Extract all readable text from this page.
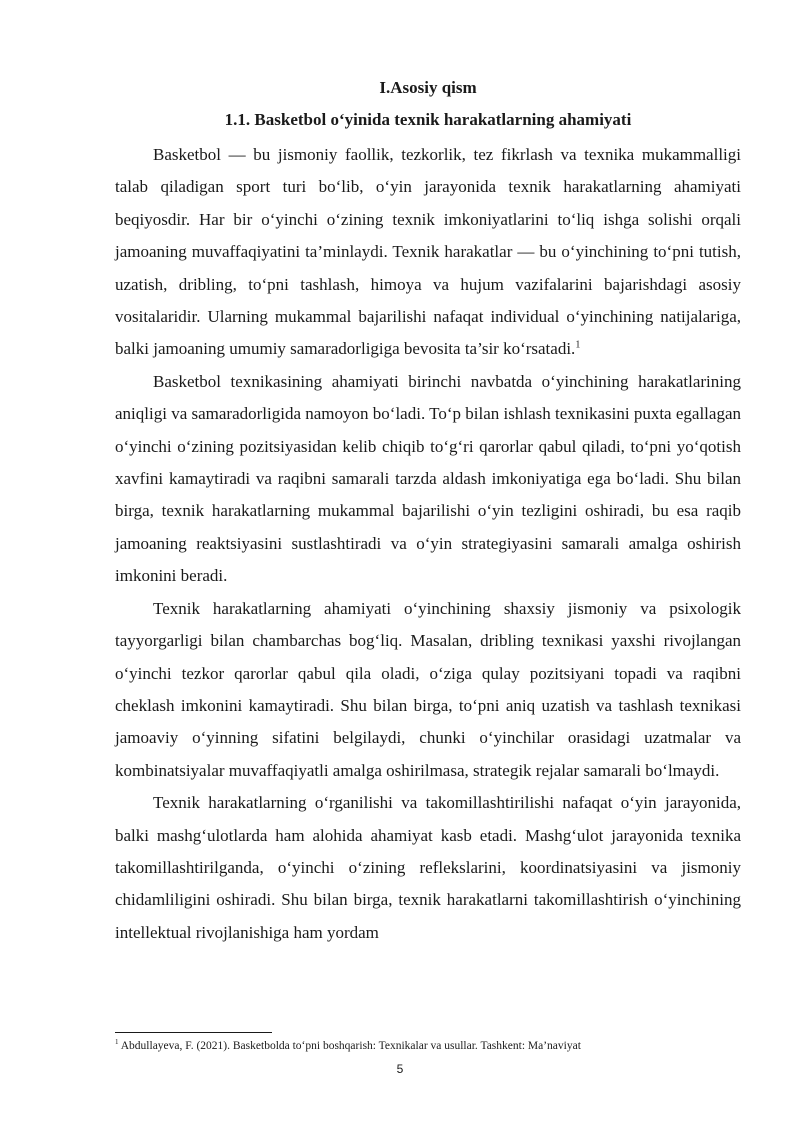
I.Asosiy qism
1.1. Basketbol o‘yinida texnik harakatlarning ahamiyati

Basketbol — bu jismoniy faollik, tezkorlik, tez fikrlash va texnika mukammalligi talab qiladigan sport turi bo‘lib, o‘yin jarayonida texnik harakatlarning ahamiyati beqiyosdir. Har bir o‘yinchi o‘zining texnik imkoniyatlarini to‘liq ishga solishi orqali jamoaning muvaffaqiyatini ta’minlaydi. Texnik harakatlar — bu o‘yinchining to‘pni tutish, uzatish, dribling, to‘pni tashlash, himoya va hujum vazifalarini bajarishdagi asosiy vositalaridir. Ularning mukammal bajarilishi nafaqat individual o‘yinchining natijalariga, balki jamoaning umumiy samaradorligiga bevosita ta’sir ko‘rsatadi.$^1$

Basketbol texnikasining ahamiyati birinchi navbatda o‘yinchining harakatlarining aniqligi va samaradorligida namoyon bo‘ladi. To‘p bilan ishlash texnikasini puxta egallagan o‘yinchi o‘zining pozitsiyasidan kelib chiqib to‘g‘ri qarorlar qabul qiladi, to‘pni yo‘qotish xavfini kamaytiradi va raqibni samarali tarzda aldash imkoniyatiga ega bo‘ladi. Shu bilan birga, texnik harakatlarning mukammal bajarilishi o‘yin tezligini oshiradi, bu esa raqib jamoaning reaktsiyasini sustlashtiradi va o‘yin strategiyasini samarali amalga oshirish imkonini beradi.

Texnik harakatlarning ahamiyati o‘yinchining shaxsiy jismoniy va psixologik tayyorgarligi bilan chambarchas bog‘liq. Masalan, dribling texnikasi yaxshi rivojlangan o‘yinchi tezkor qarorlar qabul qila oladi, o‘ziga qulay pozitsiyani topadi va raqibni cheklash imkonini kamaytiradi. Shu bilan birga, to‘pni aniq uzatish va tashlash texnikasi jamoaviy o‘yinning sifatini belgilaydi, chunki o‘yinchilar orasidagi uzatmalar va kombinatsiyalar muvaffaqiyatli amalga oshirilmasa, strategik rejalar samarali bo‘lmaydi.

Texnik harakatlarning o‘rganilishi va takomillashtirilishi nafaqat o‘yin jarayonida, balki mashg‘ulotlarda ham alohida ahamiyat kasb etadi. Mashg‘ulot jarayonida texnika takomillashtirilganda, o‘yinchi o‘zining reflekslarini, koordinatsiyasini va jismoniy chidamliligini oshiradi. Shu bilan birga, texnik harakatlarni takomillashtirish o‘yinchining intellektual rivojlanishiga ham yordam

$^1$ Abdullayeva, F. (2021). Basketbolda to‘pni boshqarish: Texnikalar va usullar. Tashkent: Ma’naviyat
5
